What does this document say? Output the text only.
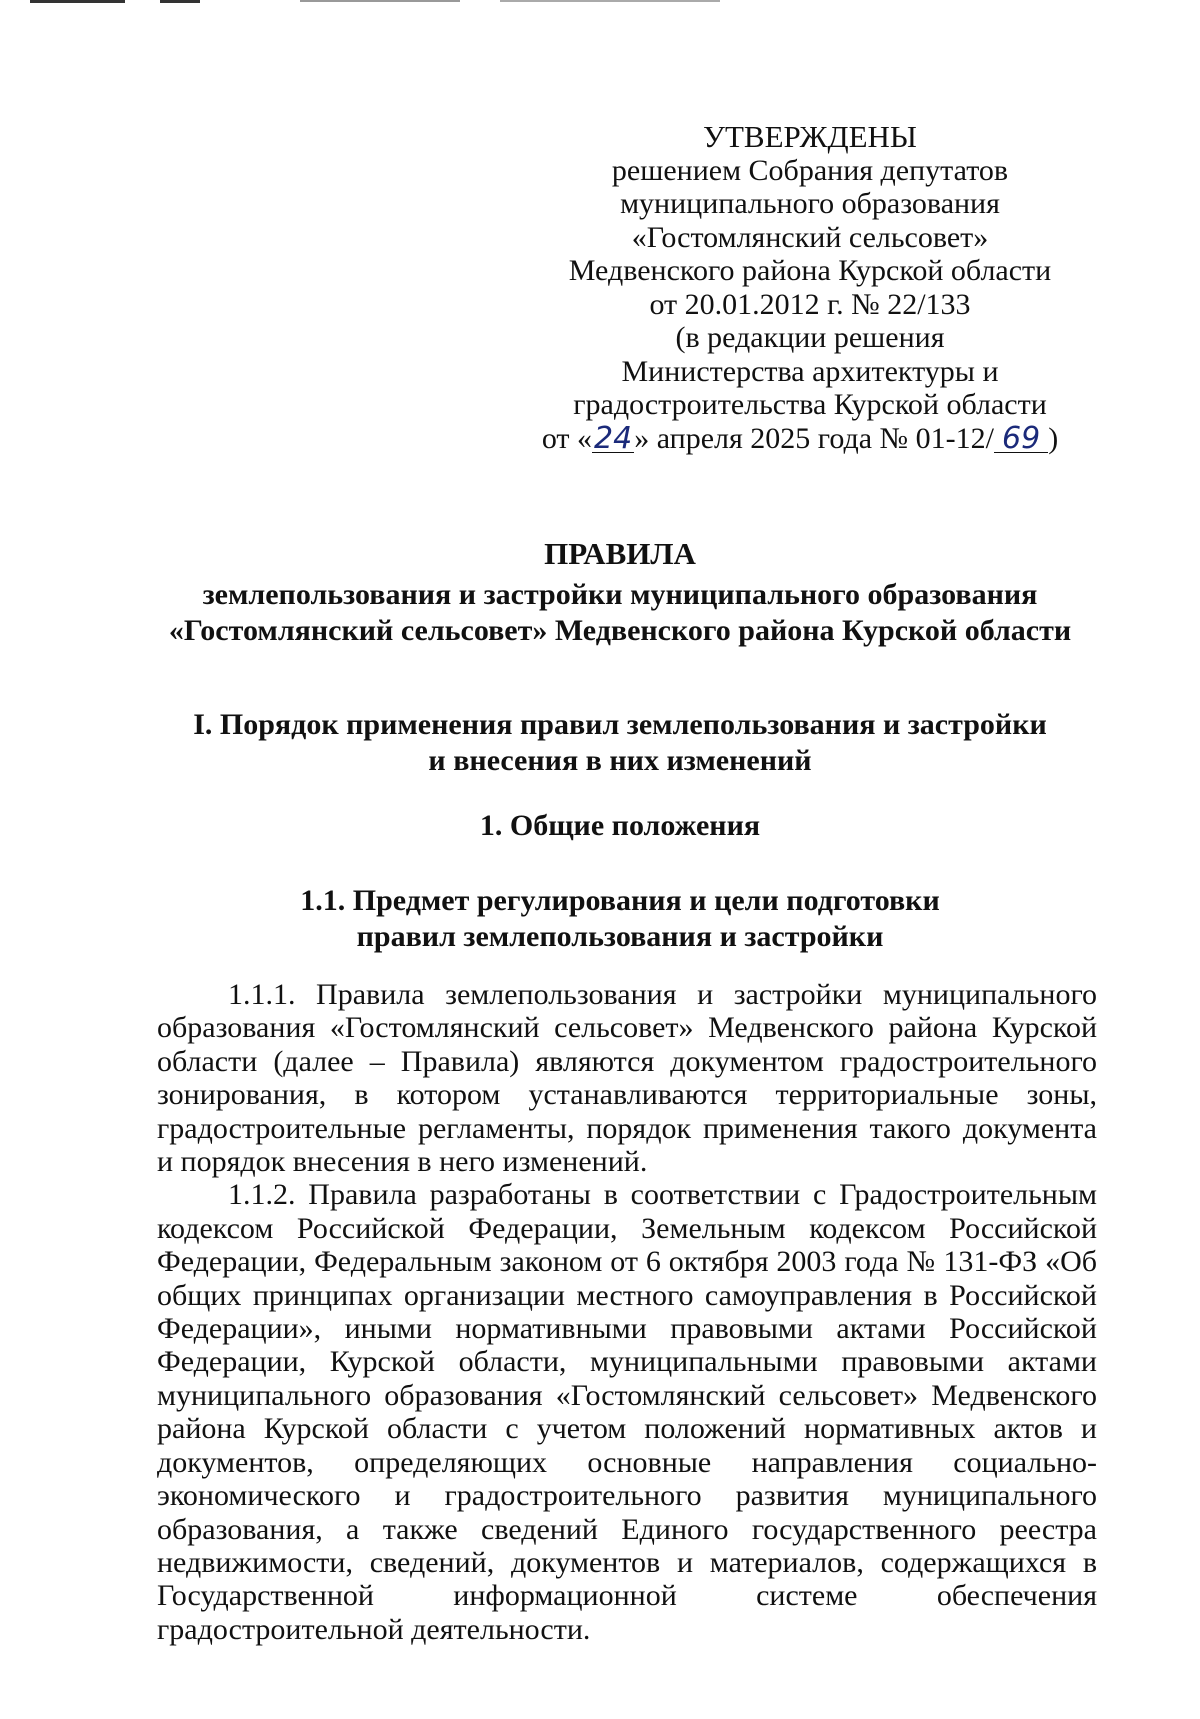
УТВЕРЖДЕНЫ
решением Собрания депутатов
муниципального образования
«Гостомлянский сельсовет»
Медвенского района Курской области
от 20.01.2012 г. № 22/133
(в редакции решения
Министерства архитектуры и
градостроительства Курской области
от «24» апреля 2025 года № 01-12/ 69 )
ПРАВИЛА
землепользования и застройки муниципального образования
«Гостомлянский сельсовет» Медвенского района Курской области
I. Порядок применения правил землепользования и застройки
и внесения в них изменений
1. Общие положения
1.1. Предмет регулирования и цели подготовки
правил землепользования и застройки

1.1.1. Правила землепользования и застройки муниципального образования «Гостомлянский сельсовет» Медвенского района Курской области (далее – Правила) являются документом градостроительного зонирования, в котором устанавливаются территориальные зоны, градостроительные регламенты, порядок применения такого документа и порядок внесения в него изменений.

1.1.2. Правила разработаны в соответствии с Градостроительным кодексом Российской Федерации, Земельным кодексом Российской Федерации, Федеральным законом от 6 октября 2003 года № 131-ФЗ «Об общих принципах организации местного самоуправления в Российской Федерации», иными нормативными правовыми актами Российской Федерации, Курской области, муниципальными правовыми актами муниципального образования «Гостомлянский сельсовет» Медвенского района Курской области с учетом положений нормативных актов и документов, определяющих основные направления социально-экономического и градостроительного развития муниципального образования, а также сведений Единого государственного реестра недвижимости, сведений, документов и материалов, содержащихся в Государственной информационной системе обеспечения градостроительной деятельности.
